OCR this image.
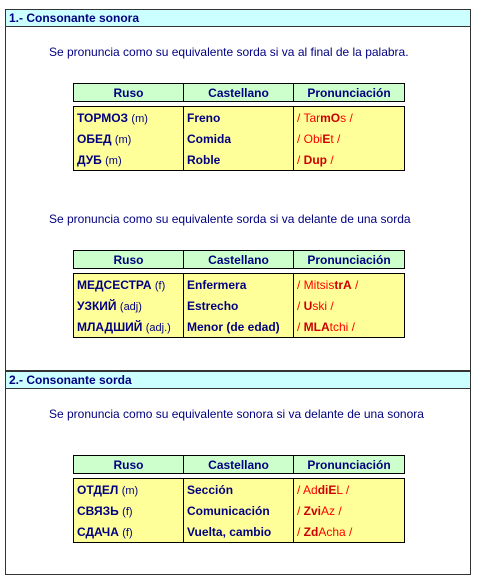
1.- Consonante sonora
Se pronuncia como su equivalente sorda si va al final de la palabra.
Ruso	Castellano	Pronunciación

ТОРМОЗ (m)	Freno	/ TarmOs /
ОБЕД (m)	Comida	/ ObiEt /
ДУБ (m)	Roble	/ Dup /
Se pronuncia como su equivalente sorda si va delante de una sorda
Ruso	Castellano	Pronunciación

МЕДСЕСТРА (f)	Enfermera	/ MitsistrA /
УЗКИЙ (adj)	Estrecho	/ Uski /
МЛАДШИЙ (adj.)	Menor (de edad)	/ MLAtchi /
2.- Consonante sorda
Se pronuncia como su equivalente sonora si va delante de una sonora
Ruso	Castellano	Pronunciación

ОТДЕЛ (m)	Sección	/ AddiEL /
СВЯЗЬ (f)	Comunicación	/ ZviAz /
СДАЧА (f)	Vuelta, cambio	/ ZdAcha /
